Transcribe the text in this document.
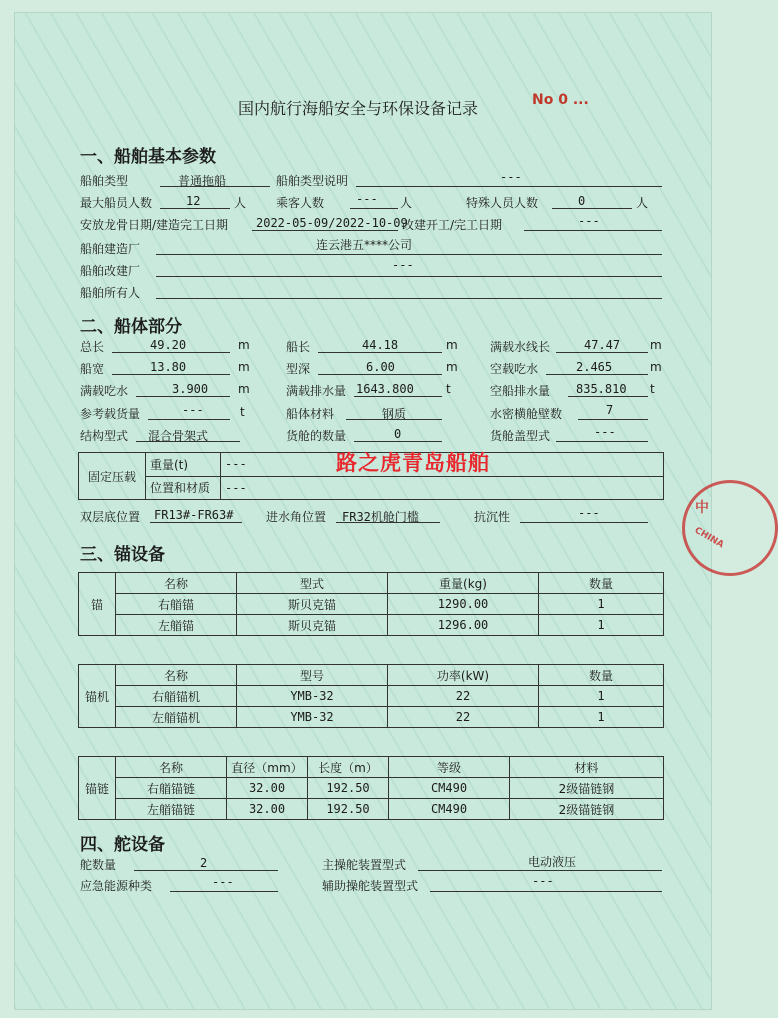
国内航行海船安全与环保设备记录	No 0 ...
一、船舶基本参数
船舶类型	普通拖船	船舶类型说明	---
最大船员人数	12	人 乘客人数	--- 人	特殊人员人数	0	人
安放龙骨日期/建造完工日期 2022-05-09/2022-10-09
改建开工/完工日期	---
船舶建造厂	连云港五****公司
船舶改建厂	---
船舶所有人
二、船体部分
总长	49.20	m	船长	44.18	m	满载水线长	47.47 m
船宽	13.80	m	型深	6.00	m	空载吃水	2.465	m
满载吃水	3.900 m	满载排水量 1643.800	t	空船排水量 835.810 t
参考载货量	---	t	船体材料	钢质	水密横舱壁数	7
结构型式 混合骨架式	货舱的数量	0	货舱盖型式	---
固定压载	重量(t)	---
	位置和材质	---
双层底位置 FR13#-FR63#	进水角位置 FR32机舱门槛	抗沉性	---
路之虎青岛船舶
中
CHINA
三、锚设备
锚	名称	型式	重量(kg)	数量
	右艏锚	斯贝克锚	1290.00	1
	左艏锚	斯贝克锚	1296.00	1
锚机	名称	型号	功率(kW)	数量
	右艏锚机	YMB-32	22	1
	左艏锚机	YMB-32	22	1
锚链	名称	直径（mm）	长度（m）	等级	材料
	右艏锚链	32.00	192.50	CM490	2级锚链钢
	左艏锚链	32.00	192.50	CM490	2级锚链钢
四、舵设备
舵数量	2	主操舵装置型式	电动液压
应急能源种类	---	辅助操舵装置型式	---
